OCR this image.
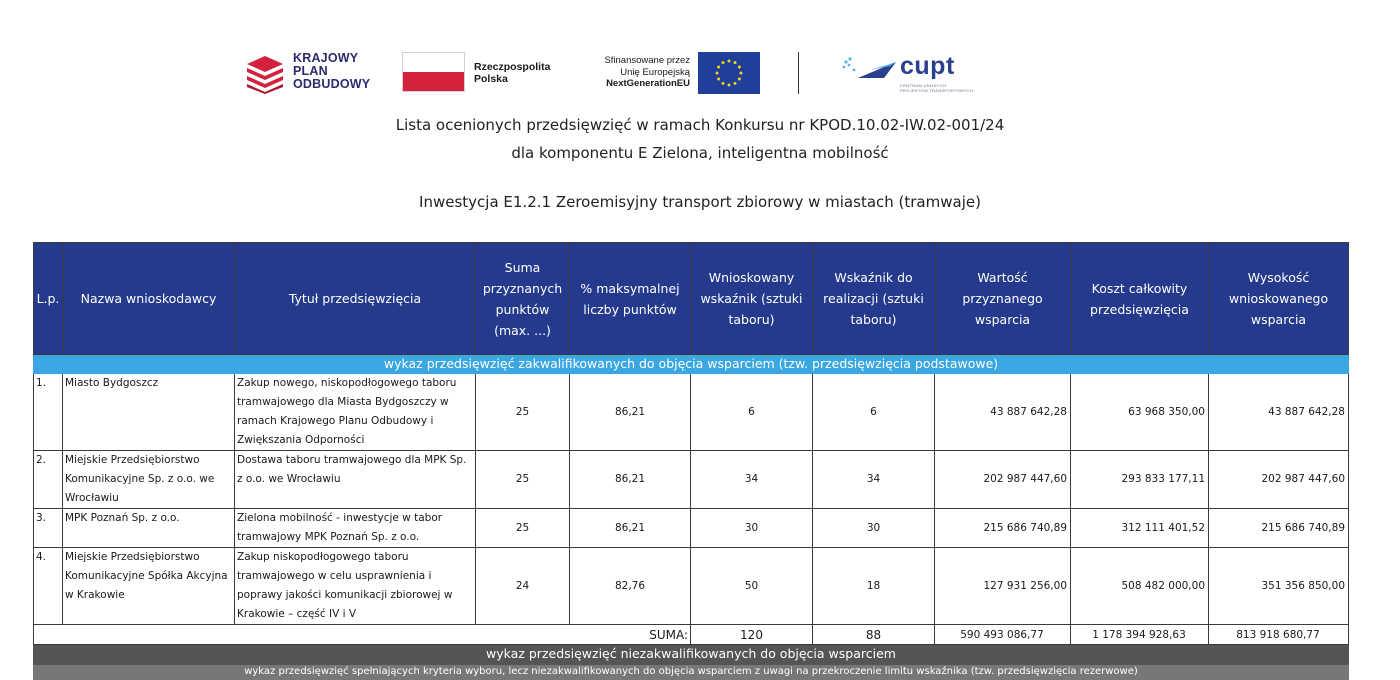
KRAJOWY
PLAN
ODBUDOWY
Rzeczpospolita
Polska
Sfinansowane przez
Unię Europejską
NextGenerationEU
cupt
CENTRUM UNIJNYCH
PROJEKTÓW TRANSPORTOWYCH
Lista ocenionych przedsięwzięć w ramach Konkursu nr KPOD.10.02-IW.02-001/24
dla komponentu E Zielona, inteligentna mobilność
Inwestycja E1.2.1 Zeroemisyjny transport zbiorowy w miastach (tramwaje)
L.p.	Nazwa wnioskodawcy	Tytuł przedsięwzięcia	Suma przyznanych punktów (max. ...)	% maksymalnej liczby punktów	Wnioskowany wskaźnik (sztuki taboru)	Wskaźnik do realizacji (sztuki taboru)	Wartość przyznanego wsparcia	Koszt całkowity przedsięwzięcia	Wysokość wnioskowanego wsparcia
wykaz przedsięwzięć zakwalifikowanych do objęcia wsparciem (tzw. przedsięwzięcia podstawowe)									
1.	Miasto Bydgoszcz	Zakup nowego, niskopodłogowego taboru tramwajowego dla Miasta Bydgoszczy w ramach Krajowego Planu Odbudowy i Zwiększania Odporności	25	86,21	6	6	43 887 642,28	63 968 350,00	43 887 642,28
2.	Miejskie Przedsiębiorstwo Komunikacyjne Sp. z o.o. we Wrocławiu	Dostawa taboru tramwajowego dla MPK Sp. z o.o. we Wrocławiu	25	86,21	34	34	202 987 447,60	293 833 177,11	202 987 447,60
3.	MPK Poznań Sp. z o.o.	Zielona mobilność - inwestycje w tabor tramwajowy MPK Poznań Sp. z o.o.	25	86,21	30	30	215 686 740,89	312 111 401,52	215 686 740,89
4.	Miejskie Przedsiębiorstwo Komunikacyjne Spółka Akcyjna w Krakowie	Zakup niskopodłogowego taboru tramwajowego w celu usprawnienia i poprawy jakości komunikacji zbiorowej w Krakowie – część IV i V	24	82,76	50	18	127 931 256,00	508 482 000,00	351 356 850,00
SUMA:					120	88	590 493 086,77	1 178 394 928,63	813 918 680,77
wykaz przedsięwzięć niezakwalifikowanych do objęcia wsparciem									
wykaz przedsięwzięć spełniających kryteria wyboru, lecz niezakwalifikowanych do objęcia wsparciem z uwagi na przekroczenie limitu wskaźnika (tzw. przedsięwzięcia rezerwowe)									
